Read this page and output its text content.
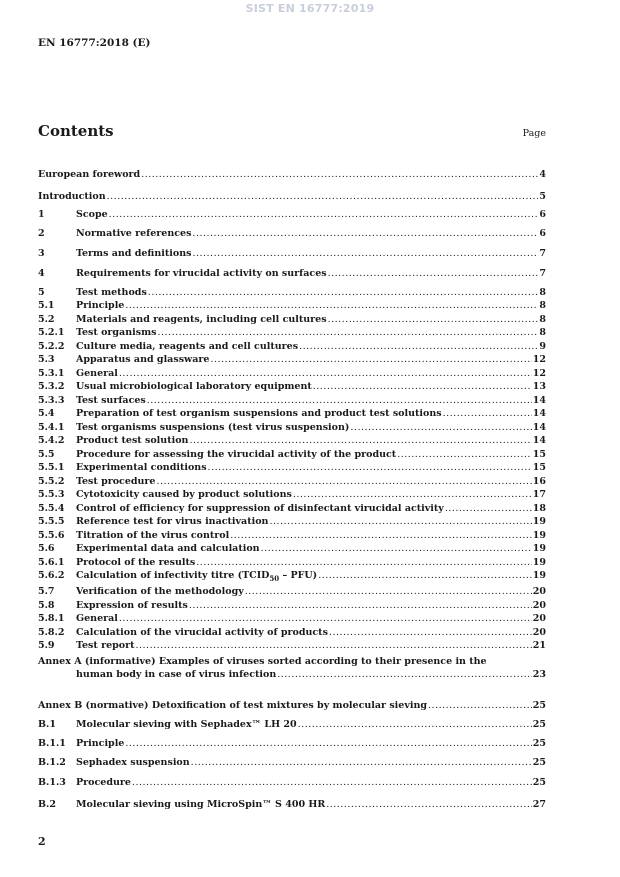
SIST EN 16777:2019
EN 16777:2018 (E)
Contents	Page
European foreword .....	4
Introduction .....	5
1	Scope .....	6
2	Normative references .....	6
3	Terms and definitions .....	7
4	Requirements for virucidal activity on surfaces .....	7
5	Test methods .....	8
5.1	Principle .....	8
5.2	Materials and reagents, including cell cultures .....	8
5.2.1	Test organisms .....	8
5.2.2	Culture media, reagents and cell cultures .....	9
5.3	Apparatus and glassware .....	12
5.3.1	General .....	12
5.3.2	Usual microbiological laboratory equipment .....	13
5.3.3	Test surfaces .....	14
5.4	Preparation of test organism suspensions and product test solutions .....	14
5.4.1	Test organisms suspensions (test virus suspension) .....	14
5.4.2	Product test solution .....	14
5.5	Procedure for assessing the virucidal activity of the product .....	15
5.5.1	Experimental conditions .....	15
5.5.2	Test procedure .....	16
5.5.3	Cytotoxicity caused by product solutions .....	17
5.5.4	Control of efficiency for suppression of disinfectant virucidal activity .....	18
5.5.5	Reference test for virus inactivation .....	19
5.5.6	Titration of the virus control .....	19
5.6	Experimental data and calculation .....	19
5.6.1	Protocol of the results .....	19
5.6.2	Calculation of infectivity titre $(TCID_{50} - PFU)$ .....	19
5.7	Verification of the methodology .....	20
5.8	Expression of results .....	20
5.8.1	General .....	20
5.8.2	Calculation of the virucidal activity of products .....	20
5.9	Test report .....	21
Annex A (informative) Examples of viruses sorted according to their presence in the
human body in case of virus infection .....	23
Annex B (normative) Detoxification of test mixtures by molecular sieving .....	25
B.1	Molecular sieving with Sephadex™ LH 20 .....	25
B.1.1	Principle .....	25
B.1.2	Sephadex suspension .....	25
B.1.3	Procedure .....	25
B.2	Molecular sieving using MicroSpin™ S 400 HR .....	27
2
